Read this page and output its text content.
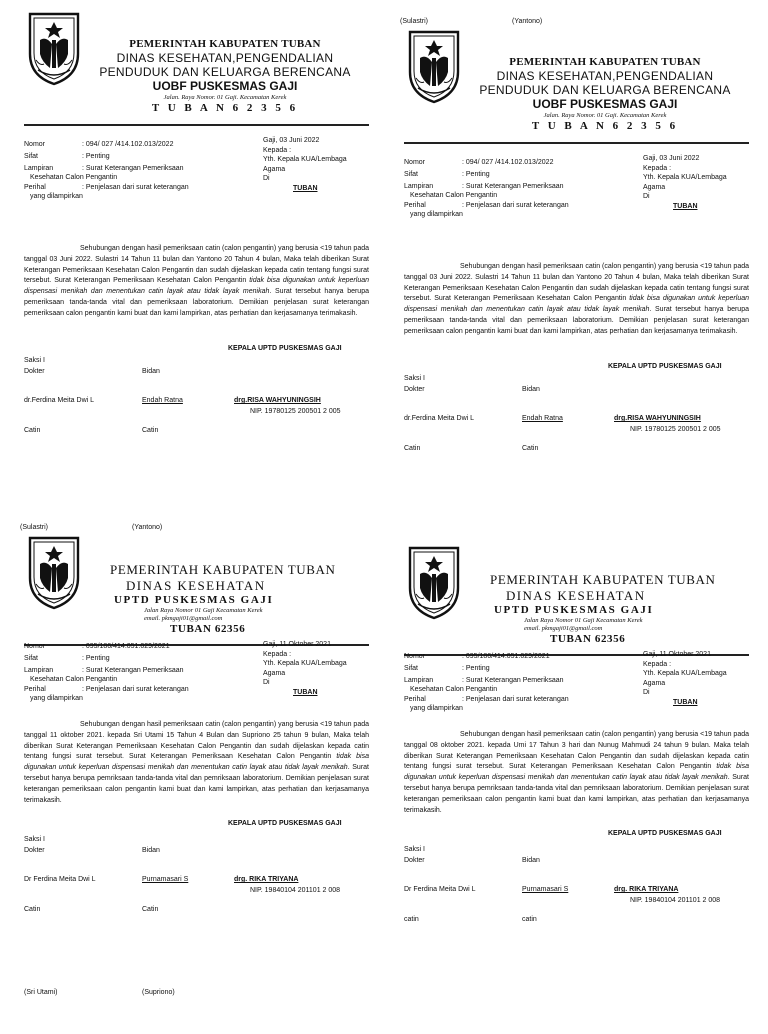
PEMERINTAH KABUPATEN TUBAN
DINAS KESEHATAN,PENGENDALIAN
PENDUDUK DAN KELUARGA BERENCANA
UOBF PUSKESMAS GAJI
Jalan. Raya Nomor. 01 Gaji. Kecamatan Kerek
T U B A N 6 2 3 5 6
Nomor	: 094/ 027 /414.102.013/2022
Sifat	: Penting
Lampiran	: Surat Keterangan Pemeriksaan
Kesehatan Calon Pengantin
Perihal	: Penjelasan dari surat keterangan
yang dilampirkan
Gaji, 03 Juni 2022
Kepada :
Yth. Kepala KUA/Lembaga
Agama
Di
TUBAN

Sehubungan dengan hasil pemeriksaan catin (calon pengantin) yang berusia <19 tahun pada tanggal 03 Juni 2022. Sulastri 14 Tahun 11 bulan dan Yantono 20 Tahun 4 bulan, Maka telah diberikan Surat Keterangan Pemeriksaan Kesehatan Calon Pengantin dan sudah dijelaskan kepada catin tentang fungsi surat tersebut. Surat Keterangan Pemeriksaan Kesehatan Calon Pengantin tidak bisa digunakan untuk keperluan dispensasi menikah dan menentukan catin layak atau tidak layak menikah. Surat tersebut hanya berupa pemeriksaan tanda-tanda vital dan pemeriksaan laboratorium. Demikian penjelasan surat keterangan pemeriksaan calon pengantin kami buat dan kami lampirkan, atas perhatian dan kerjasamanya terimakasih.

KEPALA UPTD PUSKESMAS GAJI
Saksi I
Dokter	Bidan
dr.Ferdina Meita Dwi L	Endah Ratna	drg.RISA WAHYUNINGSIH
NIP. 19780125 200501 2 005
Catin	Catin
(Sulastri)	(Yantono)
PEMERINTAH KABUPATEN TUBAN
DINAS KESEHATAN,PENGENDALIAN
PENDUDUK DAN KELUARGA BERENCANA
UOBF PUSKESMAS GAJI
Jalan. Raya Nomor. 01 Gaji. Kecamatan Kerek
T U B A N 6 2 3 5 6
Nomor	: 094/ 027 /414.102.013/2022
Sifat	: Penting
Lampiran	: Surat Keterangan Pemeriksaan
Kesehatan Calon Pengantin
Perihal	: Penjelasan dari surat keterangan
yang dilampirkan
Gaji, 03 Juni 2022
Kepada :
Yth. Kepala KUA/Lembaga
Agama
Di
TUBAN

Sehubungan dengan hasil pemeriksaan catin (calon pengantin) yang berusia <19 tahun pada tanggal 03 Juni 2022. Sulastri 14 Tahun 11 bulan dan Yantono 20 Tahun 4 bulan, Maka telah diberikan Surat Keterangan Pemeriksaan Kesehatan Calon Pengantin dan sudah dijelaskan kepada catin tentang fungsi surat tersebut. Surat Keterangan Pemeriksaan Kesehatan Calon Pengantin tidak bisa digunakan untuk keperluan dispensasi menikah dan menentukan catin layak atau tidak layak menikah. Surat tersebut hanya berupa pemeriksaan tanda-tanda vital dan pemeriksaan laboratorium. Demikian penjelasan surat keterangan pemeriksaan calon pengantin kami buat dan kami lampirkan, atas perhatian dan kerjasamanya terimakasih.

KEPALA UPTD PUSKESMAS GAJI
Saksi I
Dokter	Bidan
dr.Ferdina Meita Dwi L	Endah Ratna	drg.RISA WAHYUNINGSIH
NIP. 19780125 200501 2 005
Catin	Catin
(Sulastri)	(Yantono)
PEMERINTAH KABUPATEN TUBAN
DINAS KESEHATAN
UPTD PUSKESMAS GAJI
Jalan Raya Nomor 01 Gaji Kecamatan Kerek
email. pkmgaji01@gmail.com
TUBAN 62356
Nomor	: 095/186/414.051.029/2021
Sifat	: Penting
Lampiran	: Surat Keterangan Pemeriksaan
Kesehatan Calon Pengantin
Perihal	: Penjelasan dari surat keterangan
yang dilampirkan
Gaji, 11 Oktober 2021
Kepada :
Yth. Kepala KUA/Lembaga
Agama
Di
TUBAN

Sehubungan dengan hasil pemeriksaan catin (calon pengantin) yang berusia <19 tahun pada tanggal 11 oktober 2021. kepada Sri Utami 15 Tahun 4 Bulan dan Supriono 25 tahun 9 bulan, Maka telah diberikan Surat Keterangan Pemeriksaan Kesehatan Calon Pengantin dan sudah dijelaskan kepada catin tentang fungsi surat tersebut. Surat Keterangan Pemeriksaan Kesehatan Calon Pengantin tidak bisa digunakan untuk keperluan dispensasi menikah dan menentukan catin layak atau tidak layak menikah. Surat tersebut hanya berupa pemriksaan tanda-tanda vital dan pemriksaan laboratorium. Demikian penjelasan surat keterangan pemeriksaan calon pengantin kami buat dan kami lampirkan, atas perhatian dan kerjasamanya terimakasih.

KEPALA UPTD PUSKESMAS GAJI
Saksi I
Dokter	Bidan
Dr Ferdina Meita Dwi L	Purnamasari S	drg. RIKA TRIYANA
NIP. 19840104 201101 2 008
Catin	Catin
(Sri Utami)	(Supriono)
PEMERINTAH KABUPATEN TUBAN
DINAS KESEHATAN
UPTD PUSKESMAS GAJI
Jalan Raya Nomor 01 Gaji Kecamatan Kerek
email. pkmgaji01@gmail.com
TUBAN 62356
Nomor	: 095/186/414.051.029/2021
Sifat	: Penting
Lampiran	: Surat Keterangan Pemeriksaan
Kesehatan Calon Pengantin
Perihal	: Penjelasan dari surat keterangan
yang dilampirkan
Gaji, 11 Oktober 2021
Kepada :
Yth. Kepala KUA/Lembaga
Agama
Di
TUBAN

Sehubungan dengan hasil pemeriksaan catin (calon pengantin) yang berusia <19 tahun pada tanggal 08 oktober 2021. kepada Umi 17 Tahun 3 hari dan Nunug Mahmudi 24 tahun 9 bulan. Maka telah diberikan Surat Keterangan Pemeriksaan Kesehatan Calon Pengantin dan sudah dijelaskan kepada catin tentang fungsi surat tersebut. Surat Keterangan Pemeriksaan Kesehatan Calon Pengantin tidak bisa digunakan untuk keperluan dispensasi menikah dan menentukan catin layak atau tidak layak menikah. Surat tersebut hanya berupa pemriksaan tanda-tanda vital dan pemriksaan laboratorium. Demikian penjelasan surat keterangan pemeriksaan calon pengantin kami buat dan kami lampirkan, atas perhatian dan kerjasamanya terimakasih.

KEPALA UPTD PUSKESMAS GAJI
Saksi I
Dokter	Bidan
Dr Ferdina Meita Dwi L	Purnamasari S	drg. RIKA TRIYANA
NIP. 19840104 201101 2 008
catin	catin
